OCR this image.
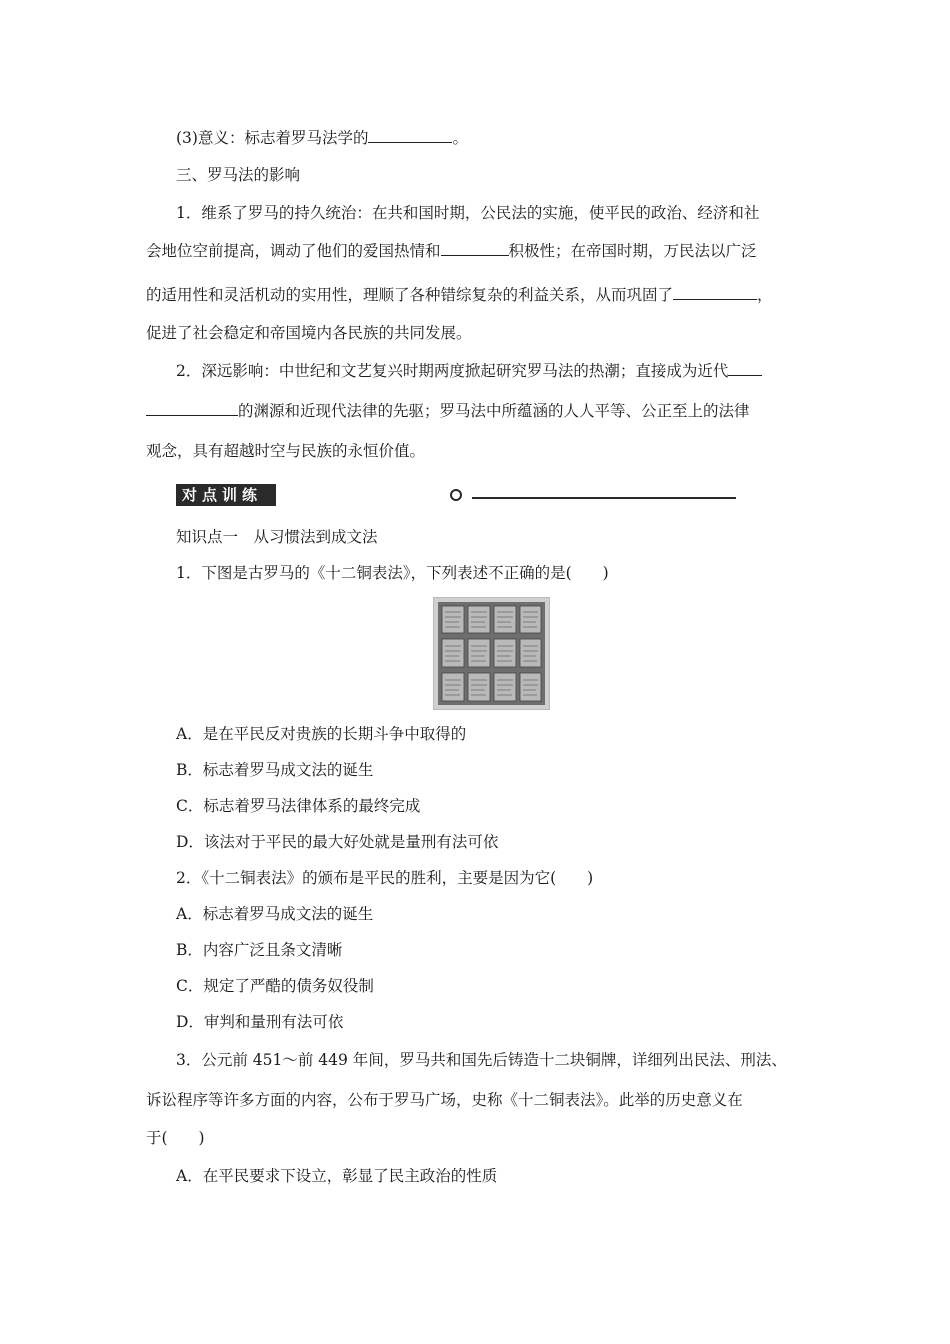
(3)意义：标志着罗马法学的	。
三、罗马法的影响
1．维系了罗马的持久统治：在共和国时期，公民法的实施，使平民的政治、经济和社
会地位空前提高，调动了他们的爱国热情和	积极性；在帝国时期，万民法以广泛
的适用性和灵活机动的实用性，理顺了各种错综复杂的利益关系，从而巩固了	，
促进了社会稳定和帝国境内各民族的共同发展。
2．深远影响：中世纪和文艺复兴时期两度掀起研究罗马法的热潮；直接成为近代
的渊源和近现代法律的先驱；罗马法中所蕴涵的人人平等、公正至上的法律
观念，具有超越时空与民族的永恒价值。
对点训练
知识点一　从习惯法到成文法
1．下图是古罗马的《十二铜表法》，下列表述不正确的是(　　)
A．是在平民反对贵族的长期斗争中取得的
B．标志着罗马成文法的诞生
C．标志着罗马法律体系的最终完成
D．该法对于平民的最大好处就是量刑有法可依
2．《十二铜表法》的颁布是平民的胜利，主要是因为它(　　)
A．标志着罗马成文法的诞生
B．内容广泛且条文清晰
C．规定了严酷的债务奴役制
D．审判和量刑有法可依
3．公元前 451～前 449 年间，罗马共和国先后铸造十二块铜牌，详细列出民法、刑法、
诉讼程序等许多方面的内容，公布于罗马广场，史称《十二铜表法》。此举的历史意义在
于(　　)
A．在平民要求下设立，彰显了民主政治的性质
